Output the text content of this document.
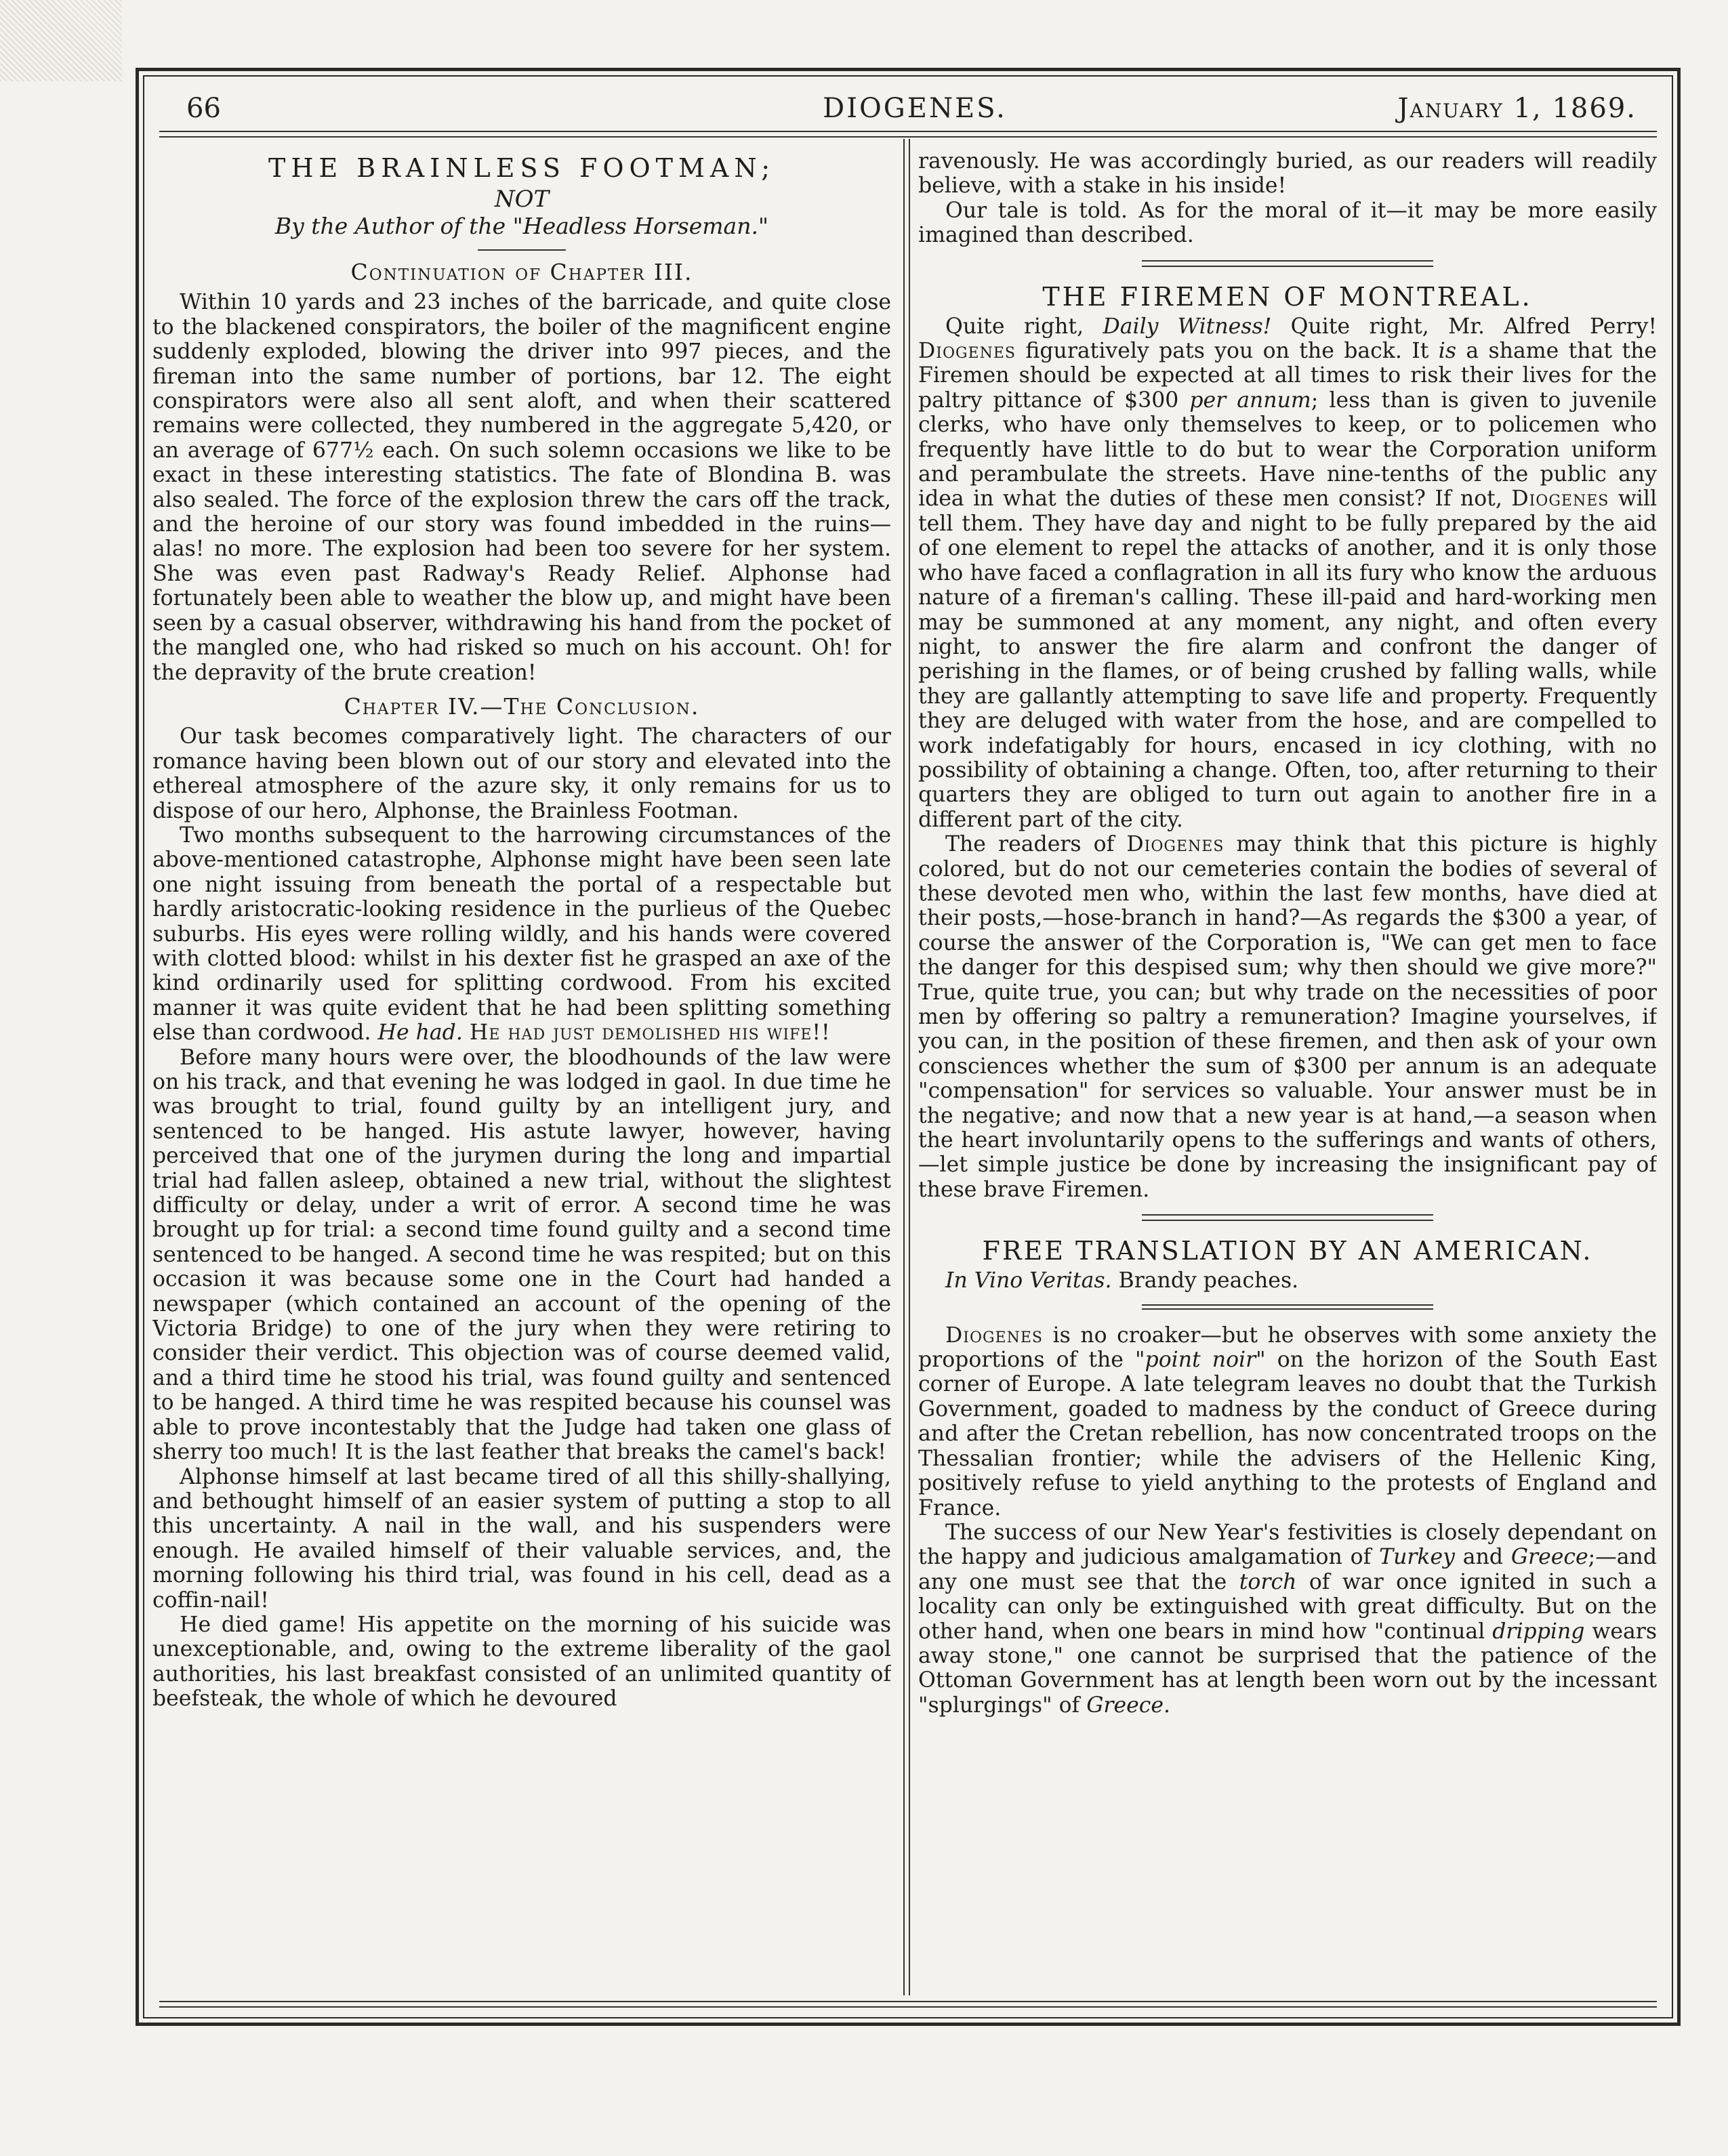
66	DIOGENES.	January 1, 1869.
THE BRAINLESS FOOTMAN;
NOT
By the Author of the "Headless Horseman."
Continuation of Chapter III.

Within 10 yards and 23 inches of the barricade, and quite close to the blackened conspirators, the boiler of the magnificent engine suddenly exploded, blowing the driver into 997 pieces, and the fireman into the same number of portions, bar 12. The eight conspirators were also all sent aloft, and when their scattered remains were collected, they numbered in the aggregate 5,420, or an average of 677½ each. On such solemn occasions we like to be exact in these interesting statistics. The fate of Blondina B. was also sealed. The force of the explosion threw the cars off the track, and the heroine of our story was found imbedded in the ruins—alas! no more. The explosion had been too severe for her system. She was even past Radway's Ready Relief. Alphonse had fortunately been able to weather the blow up, and might have been seen by a casual observer, withdrawing his hand from the pocket of the mangled one, who had risked so much on his account. Oh! for the depravity of the brute creation!

Chapter IV.—The Conclusion.

Our task becomes comparatively light. The characters of our romance having been blown out of our story and elevated into the ethereal atmosphere of the azure sky, it only remains for us to dispose of our hero, Alphonse, the Brainless Footman.

Two months subsequent to the harrowing circumstances of the above-mentioned catastrophe, Alphonse might have been seen late one night issuing from beneath the portal of a respectable but hardly aristocratic-looking residence in the purlieus of the Quebec suburbs. His eyes were rolling wildly, and his hands were covered with clotted blood: whilst in his dexter fist he grasped an axe of the kind ordinarily used for splitting cordwood. From his excited manner it was quite evident that he had been splitting something else than cordwood. He had. He had just demolished his wife!!

Before many hours were over, the bloodhounds of the law were on his track, and that evening he was lodged in gaol. In due time he was brought to trial, found guilty by an intelligent jury, and sentenced to be hanged. His astute lawyer, however, having perceived that one of the jurymen during the long and impartial trial had fallen asleep, obtained a new trial, without the slightest difficulty or delay, under a writ of error. A second time he was brought up for trial: a second time found guilty and a second time sentenced to be hanged. A second time he was respited; but on this occasion it was because some one in the Court had handed a newspaper (which contained an account of the opening of the Victoria Bridge) to one of the jury when they were retiring to consider their verdict. This objection was of course deemed valid, and a third time he stood his trial, was found guilty and sentenced to be hanged. A third time he was respited because his counsel was able to prove incontestably that the Judge had taken one glass of sherry too much! It is the last feather that breaks the camel's back!

Alphonse himself at last became tired of all this shilly-shallying, and bethought himself of an easier system of putting a stop to all this uncertainty. A nail in the wall, and his suspenders were enough. He availed himself of their valuable services, and, the morning following his third trial, was found in his cell, dead as a coffin-nail!

He died game! His appetite on the morning of his suicide was unexceptionable, and, owing to the extreme liberality of the gaol authorities, his last breakfast consisted of an unlimited quantity of beefsteak, the whole of which he devoured

ravenously. He was accordingly buried, as our readers will readily believe, with a stake in his inside!

Our tale is told. As for the moral of it—it may be more easily imagined than described.

THE FIREMEN OF MONTREAL.

Quite right, Daily Witness! Quite right, Mr. Alfred Perry! Diogenes figuratively pats you on the back. It is a shame that the Firemen should be expected at all times to risk their lives for the paltry pittance of $300 per annum; less than is given to juvenile clerks, who have only themselves to keep, or to policemen who frequently have little to do but to wear the Corporation uniform and perambulate the streets. Have nine-tenths of the public any idea in what the duties of these men consist? If not, Diogenes will tell them. They have day and night to be fully prepared by the aid of one element to repel the attacks of another, and it is only those who have faced a conflagration in all its fury who know the arduous nature of a fireman's calling. These ill-paid and hard-working men may be summoned at any moment, any night, and often every night, to answer the fire alarm and confront the danger of perishing in the flames, or of being crushed by falling walls, while they are gallantly attempting to save life and property. Frequently they are deluged with water from the hose, and are compelled to work indefatigably for hours, encased in icy clothing, with no possibility of obtaining a change. Often, too, after returning to their quarters they are obliged to turn out again to another fire in a different part of the city.

The readers of Diogenes may think that this picture is highly colored, but do not our cemeteries contain the bodies of several of these devoted men who, within the last few months, have died at their posts,—hose-branch in hand?—As regards the $300 a year, of course the answer of the Corporation is, "We can get men to face the danger for this despised sum; why then should we give more?" True, quite true, you can; but why trade on the necessities of poor men by offering so paltry a remuneration? Imagine yourselves, if you can, in the position of these firemen, and then ask of your own consciences whether the sum of $300 per annum is an adequate "compensation" for services so valuable. Your answer must be in the negative; and now that a new year is at hand,—a season when the heart involuntarily opens to the sufferings and wants of others,—let simple justice be done by increasing the insignificant pay of these brave Firemen.

FREE TRANSLATION BY AN AMERICAN.

In Vino Veritas. Brandy peaches.

Diogenes is no croaker—but he observes with some anxiety the proportions of the "point noir" on the horizon of the South East corner of Europe. A late telegram leaves no doubt that the Turkish Government, goaded to madness by the conduct of Greece during and after the Cretan rebellion, has now concentrated troops on the Thessalian frontier; while the advisers of the Hellenic King, positively refuse to yield anything to the protests of England and France.

The success of our New Year's festivities is closely dependant on the happy and judicious amalgamation of Turkey and Greece;—and any one must see that the torch of war once ignited in such a locality can only be extinguished with great difficulty. But on the other hand, when one bears in mind how "continual dripping wears away stone," one cannot be surprised that the patience of the Ottoman Government has at length been worn out by the incessant "splurgings" of Greece.
